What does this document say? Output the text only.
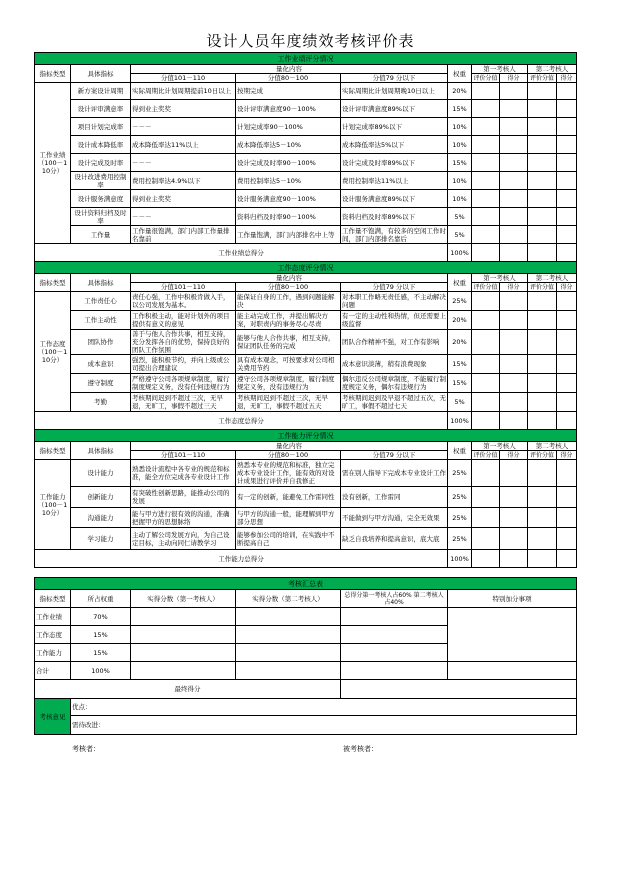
设计人员年度绩效考核评价表
工作业绩评分情况									
指标类型	具体指标	量化内容			权重	第一考核人		第二考核人	
		分值101－110	分值80－100	分值79 分以下		评价分值	得分	评价分值	得分
工作业绩（100－110分）	新方案设计周期	实际周期比计划周期提前10日以上	按期完成	实际周期比计划周期晚10日以上	20%				
	设计评审满意率	得到业主奖奖	设计评审满意度90－100%	设计评审满意度89%以下	15%				
	项目计划完成率	－－－	计划完成率90－100%	计划完成率89%以下	10%				
	设计成本降低率	成本降低率达11%以上	成本降低率达5－10%	成本降低率达5%以下	10%				
	设计完成及时率	－－－	设计完成及时率90－100%	设计完成及时率89%以下	15%				
	设计改进费用控制率	费用控制率达4.9%以下	费用控制率达5－10%	费用控制率达11%以上	10%				
	设计服务满意度	得到业主奖奖	设计服务满意度90－100%	设计服务满意度89%以下	10%				
	设计资料归档及时率	－－－	资料归档及时率90－100%	资料归档及时率89%以下	5%				
	工作量	工作量很饱满，部门内部工作量排名靠前	工作量饱满，部门内部排名中上等	工作量不饱满，有较多的空闲工作时间，部门内部排名靠后	5%				
工作业绩总得分					100%				
工作态度评分情况									
指标类型	具体指标	量化内容			权重	第一考核人		第二考核人	
		分值101－110	分值80－100	分值79 分以下		评价分值	得分	评价分值	得分
工作态度（100－110分）	工作责任心	责任心强，工作中积极肯做入手，以公司发展为基本。	能保证自身的工作，遇到问题能解决	对本职工作略无责任感，不主动解决问题	25%				
	工作主动性	工作积极主动，能对计划外的项目提供有意义的意见	能主动完成工作，并提出解决方案，对职责内的事务尽心尽责	有一定的主动性和热情，但还需要上级监督	20%				
	团队协作	善于与他人合作共事，相互支持，充分发挥各自的优势，保持良好的团队工作氛围	能够与他人合作共事，相互支持，保证团队任务的完成	团队合作精神不强，对工作有影响	20%				
	成本意识	强烈，能积极节约，并向上级或公司提出合理建议	具有成本观念，可按要求对公司相关费用节约	成本意识淡薄，稍有浪费现象	15%				
	遵守制度	严格遵守公司各项规章制度，履行制度规定义务，没有任何违规行为	遵守公司各项规章制度，履行制度规定义务，没有违规行为	偶尔违反公司规章制度，不能履行制度规定义务，偶尔有违规行为	15%				
	考勤	考核期间迟到不超过三次，无早退，无旷工，事假不超过三天	考核期间迟到不超过三次，无早退，无旷工，事假不超过五天	考核期间迟到及早退不超过五次，无旷工，事假不超过七天	5%				
工作态度总得分					100%				
工作能力评分情况									
指标类型	具体指标	量化内容			权重	第一考核人		第二考核人	
		分值101－110	分值80－100	分值79 分以下		评价分值	得分	评价分值	得分
工作能力（100－110分）	设计能力	熟悉设计流程中各专业的规范和标准，能全方位完成各专业设计工作	熟悉本专业的规范和标准，独立完成本专业设计工作，能有效的对设计成果进行评价并自我修正	需在别人指导下完成本专业设计工作	25%				
	创新能力	有突破性创新思路，能推动公司的发展	有一定的创新，能避免工作雷同性	没有创新，工作雷同	25%				
	沟通能力	能与甲方进行很有效的沟通，准确把握甲方的思想脉络	与甲方的沟通一般，能理解到甲方部分思想	不能做到与甲方沟通，完全无效果	25%				
	学习能力	主动了解公司发展方向，为自己设定目标，主动向同仁请教学习	能够参加公司的培训，在实践中不断提高自己	缺乏自我培养和提高意识，底大底	25%				
工作能力总得分					100%				
考核汇总表					
指标类型	所占权重	实得分数（第一考核人）	实得分数（第二考核人）	总得分第一考核人占60% 第二考核人占40%	特别加分事项
工作业绩	70%				
工作态度	15%				
工作能力	15%				
合计	100%				
最终得分					
考核意见	优点：				
	需待改进：				
考核者：	被考核者：
